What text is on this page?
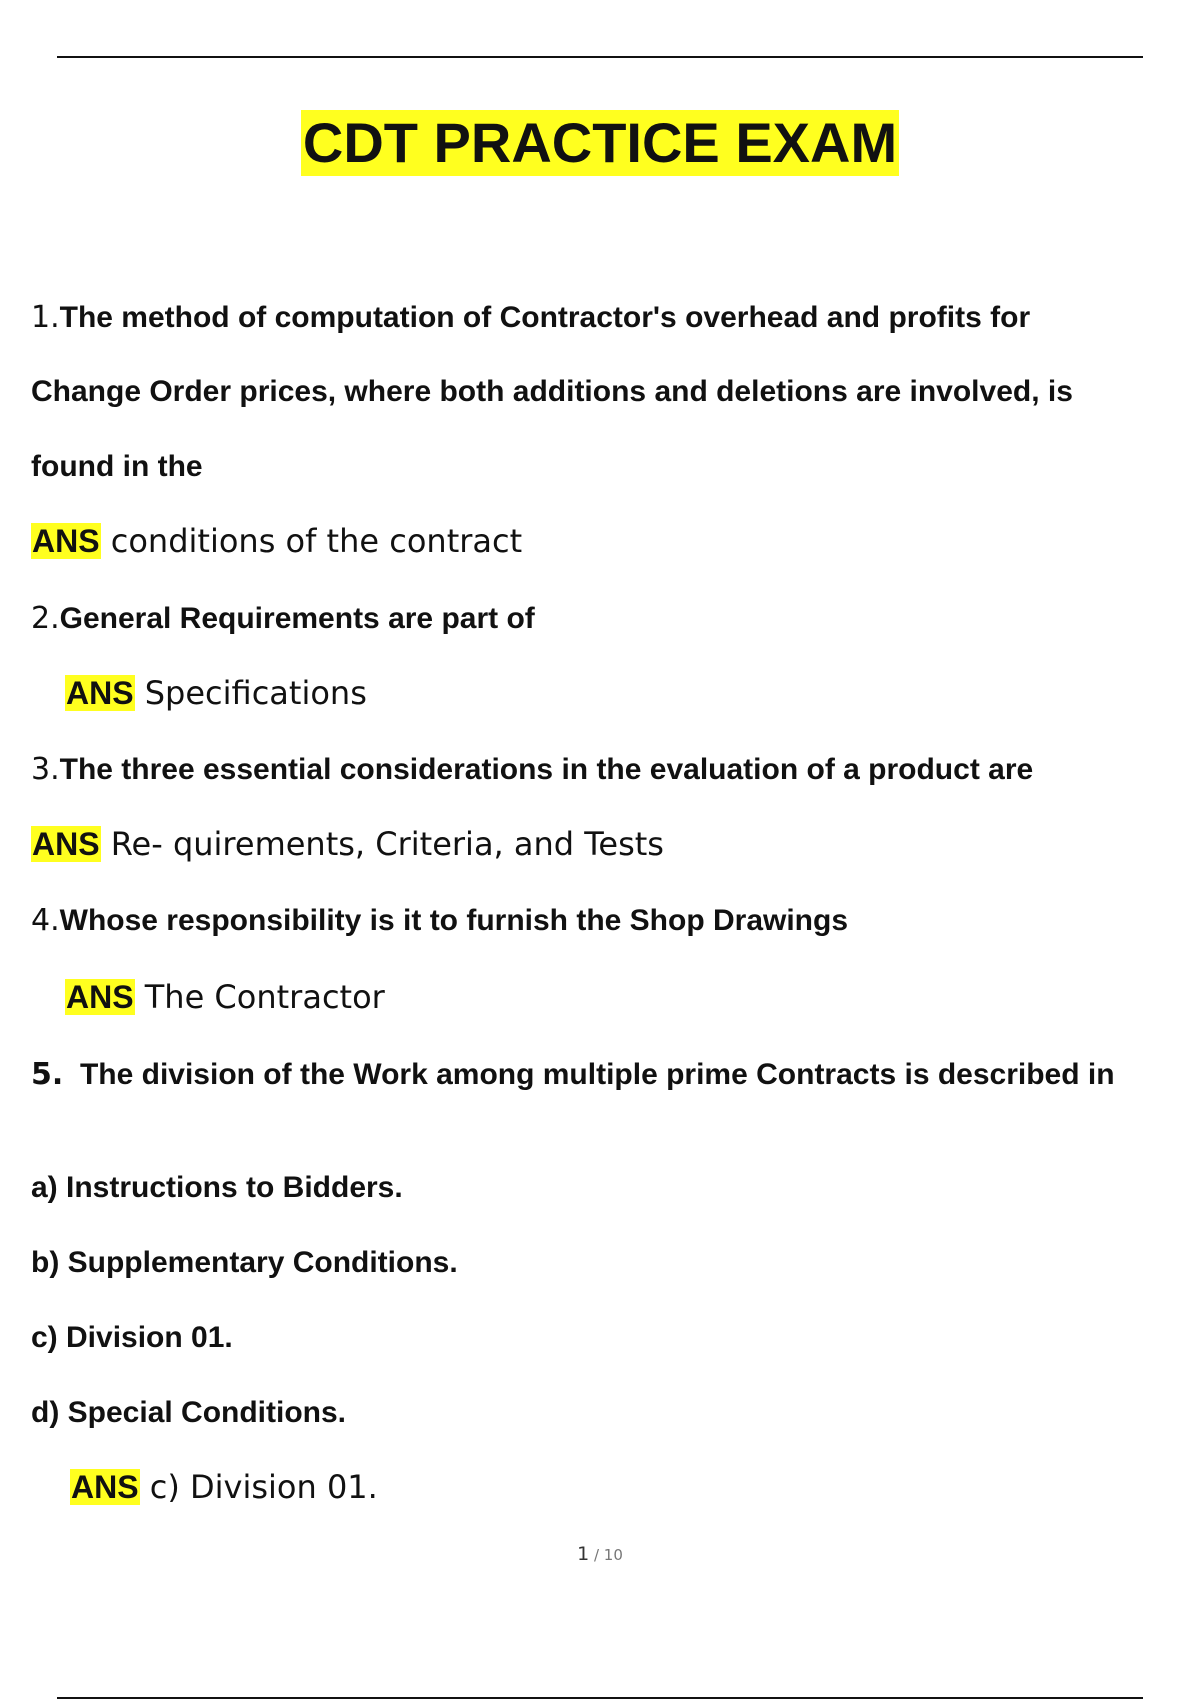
CDT PRACTICE EXAM
1.The method of computation of Contractor's overhead and profits for
Change Order prices, where both additions and deletions are involved, is
found in the
ANS conditions of the contract
2.General Requirements are part of
ANS Specifications
3.The three essential considerations in the evaluation of a product are
ANS Re- quirements, Criteria, and Tests
4.Whose responsibility is it to furnish the Shop Drawings
ANS The Contractor
5. The division of the Work among multiple prime Contracts is described in
a) Instructions to Bidders.
b) Supplementary Conditions.
c) Division 01.
d) Special Conditions.
ANS c) Division 01.
1 / 10
